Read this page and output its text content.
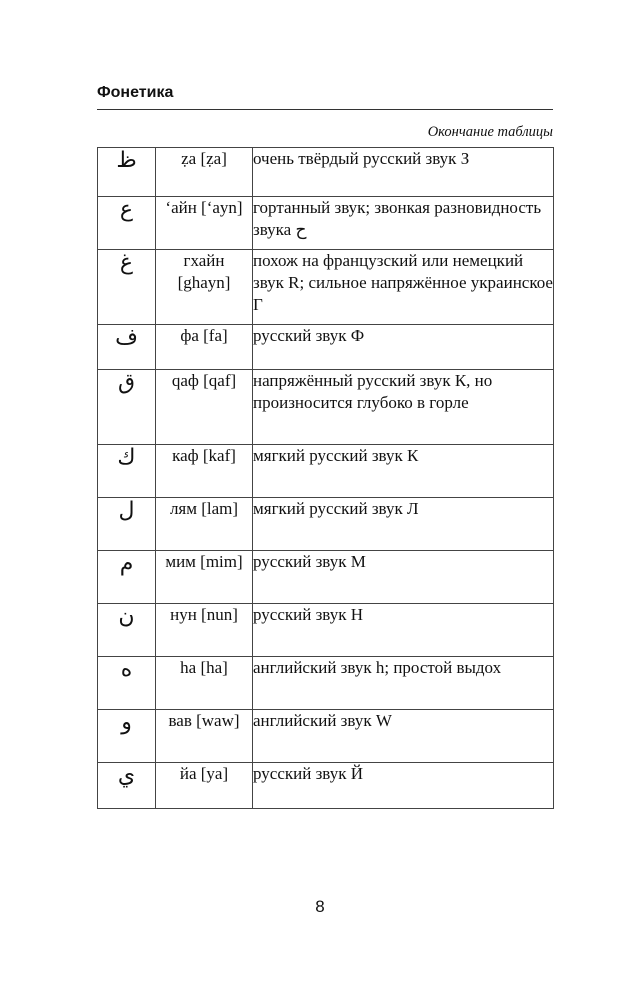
Фонетика
Окончание таблицы
ظ	ẓa [ẓa]	очень твёрдый русский звук З
ع	‘айн [‘ayn]	гортанный звук; звонкая разновидность звука ح
غ	гхайн [ghayn]	похож на французский или немецкий звук R; сильное напряжённое украинское Г
ف	фа [fa]	русский звук Ф
ق	qаф [qaf]	напряжённый русский звук К, но произносится глубоко в горле
ك	каф [kaf]	мягкий русский звук К
ل	лям [lam]	мягкий русский звук Л
م	мим [mim]	русский звук М
ن	нун [nun]	русский звук Н
ه	ha [ha]	английский звук h; простой выдох
و	вав [waw]	английский звук W
ي	йа [ya]	русский звук Й
8
